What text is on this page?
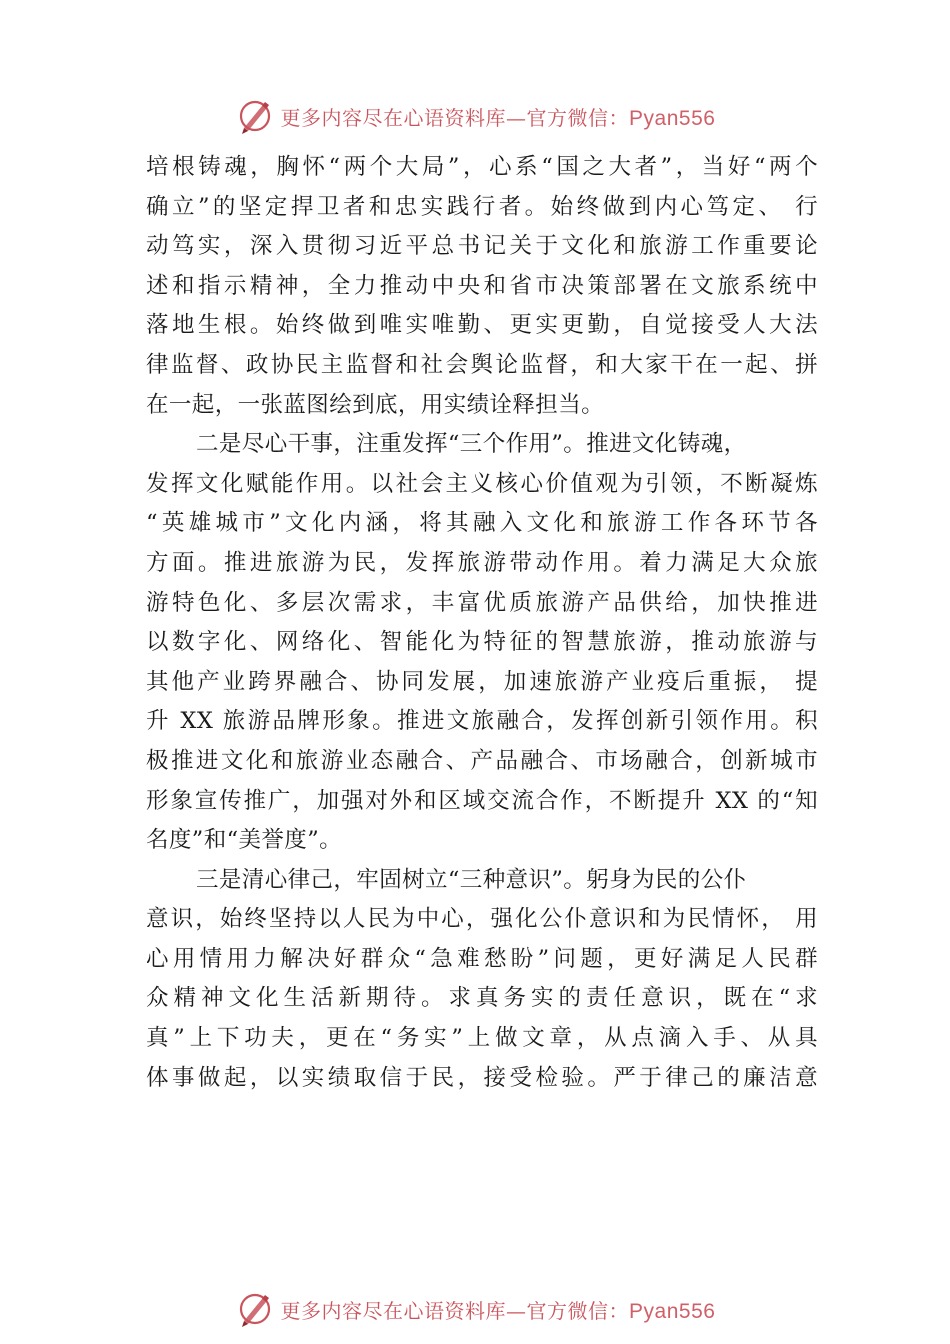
更多内容尽在心语资料库—官方微信：Pyan556
培根铸魂，胸怀“两个大局”，心系“国之大者”，当好“两个
确立”的坚定捍卫者和忠实践行者。始终做到内心笃定、 行
动笃实，深入贯彻习近平总书记关于文化和旅游工作重要论
述和指示精神，全力推动中央和省市决策部署在文旅系统中
落地生根。始终做到唯实唯勤、更实更勤，自觉接受人大法
律监督、政协民主监督和社会舆论监督，和大家干在一起、拼
在一起，一张蓝图绘到底，用实绩诠释担当。
二是尽心干事，注重发挥“三个作用”。推进文化铸魂，
发挥文化赋能作用。以社会主义核心价值观为引领，不断凝炼
“英雄城市”文化内涵，将其融入文化和旅游工作各环节各
方面。推进旅游为民，发挥旅游带动作用。着力满足大众旅
游特色化、多层次需求，丰富优质旅游产品供给，加快推进
以数字化、网络化、智能化为特征的智慧旅游，推动旅游与
其他产业跨界融合、协同发展，加速旅游产业疫后重振， 提
升 XX 旅游品牌形象。推进文旅融合，发挥创新引领作用。积
极推进文化和旅游业态融合、产品融合、市场融合，创新城市
形象宣传推广，加强对外和区域交流合作，不断提升 XX 的“知
名度”和“美誉度”。
三是清心律己，牢固树立“三种意识”。躬身为民的公仆
意识，始终坚持以人民为中心，强化公仆意识和为民情怀， 用
心用情用力解决好群众“急难愁盼”问题，更好满足人民群
众精神文化生活新期待。求真务实的责任意识，既在“求
真”上下功夫，更在“务实”上做文章，从点滴入手、从具
体事做起，以实绩取信于民，接受检验。严于律己的廉洁意
更多内容尽在心语资料库—官方微信：Pyan556
